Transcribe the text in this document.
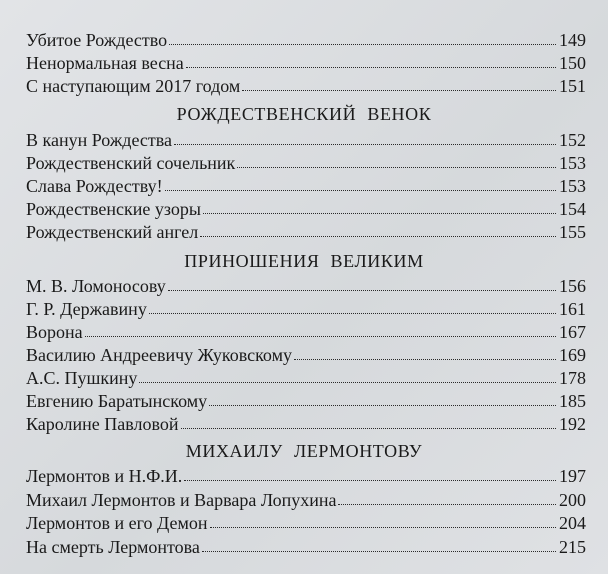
Убитое Рождество	149
Ненормальная весна	150
С наступающим 2017 годом	151
РОЖДЕСТВЕНСКИЙ ВЕНОК
В канун Рождества	152
Рождественский сочельник	153
Слава Рождеству!	153
Рождественские узоры	154
Рождественский ангел	155
ПРИНОШЕНИЯ ВЕЛИКИМ
М. В. Ломоносову	156
Г. Р. Державину	161
Ворона	167
Василию Андреевичу Жуковскому	169
А.С. Пушкину	178
Евгению Баратынскому	185
Каролине Павловой	192
МИХАИЛУ ЛЕРМОНТОВУ
Лермонтов и Н.Ф.И.	197
Михаил Лермонтов и Варвара Лопухина	200
Лермонтов и его Демон	204
На смерть Лермонтова	215
